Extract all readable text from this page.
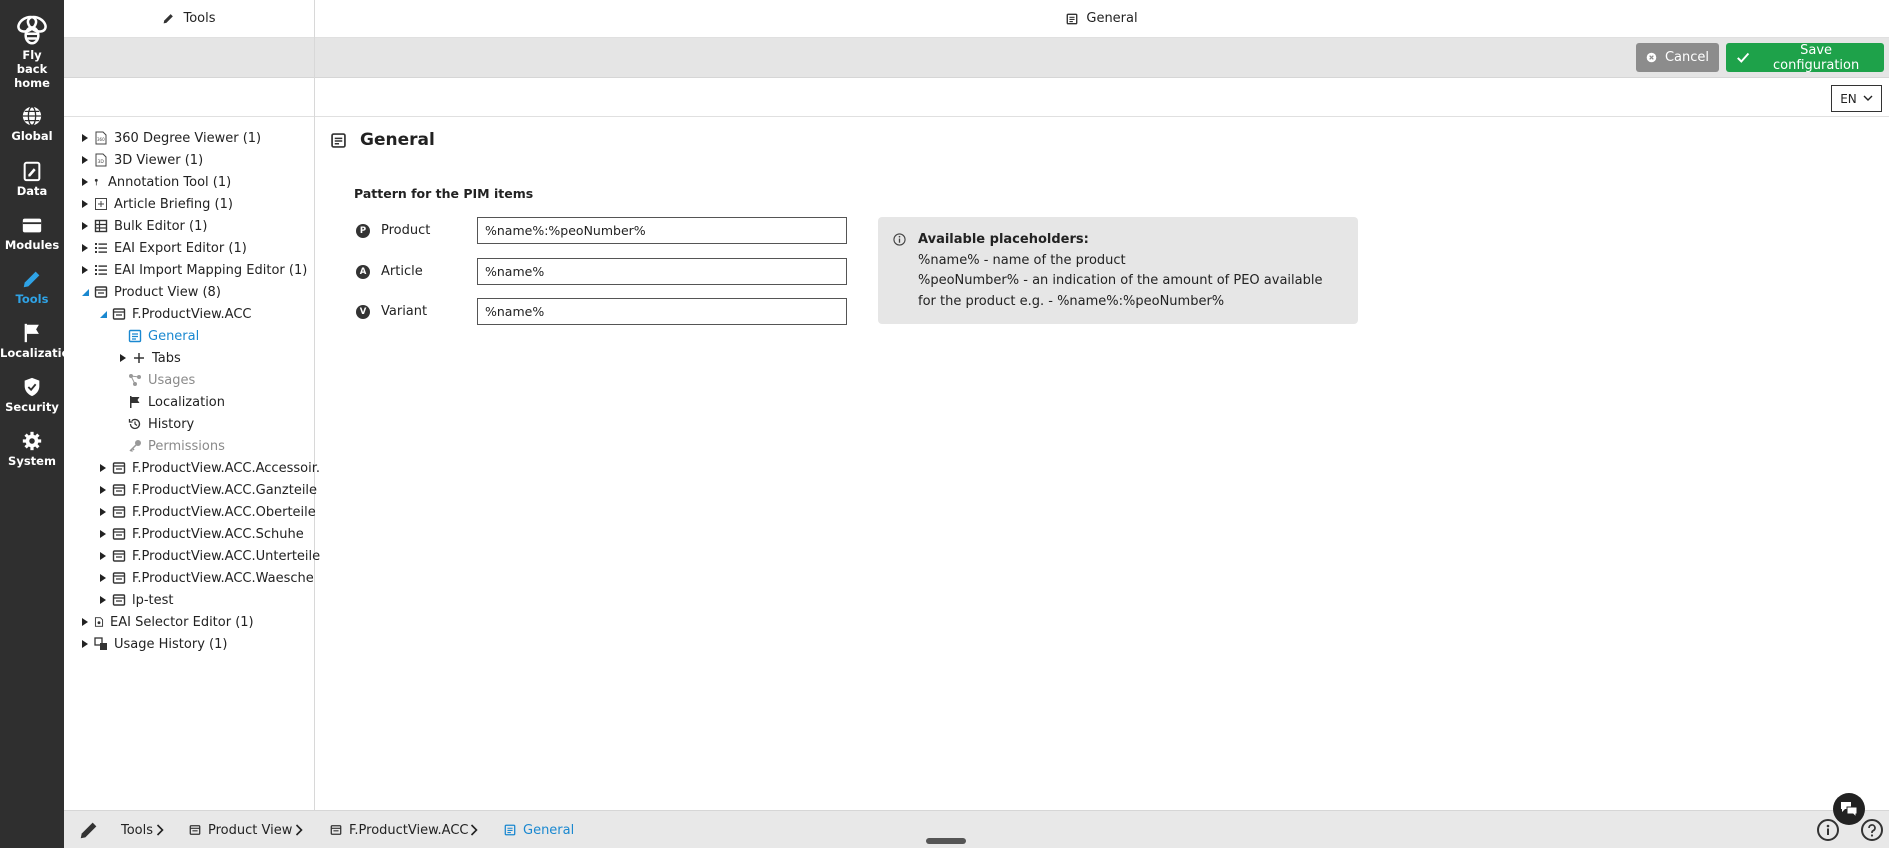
Fly back home
Global
Data
Modules
Tools
Localization
Security
System
Tools
360 360 Degree Viewer (1)
3D 3D Viewer (1)
Annotation Tool (1)
Article Briefing (1)
Bulk Editor (1)
EAI Export Editor (1)
EAI Import Mapping Editor (1)
Product View (8)
F.ProductView.ACC
General
Tabs
Usages
Localization
History
Permissions
F.ProductView.ACC.Accessoir.
F.ProductView.ACC.Ganzteile
F.ProductView.ACC.Oberteile
F.ProductView.ACC.Schuhe
F.ProductView.ACC.Unterteile
F.ProductView.ACC.Waesche
lp-test
EAI Selector Editor (1)
Usage History (1)
General
Cancel	Save configuration
EN
General
Pattern for the PIM items
P Product
%name%:%peoNumber%
A Article
%name%
V Variant
%name%
Available placeholders:
%name% - name of the product
%peoNumber% - an indication of the amount of PEO available
for the product e.g. - %name%:%peoNumber%
Tools	Product View	F.ProductView.ACC	General
